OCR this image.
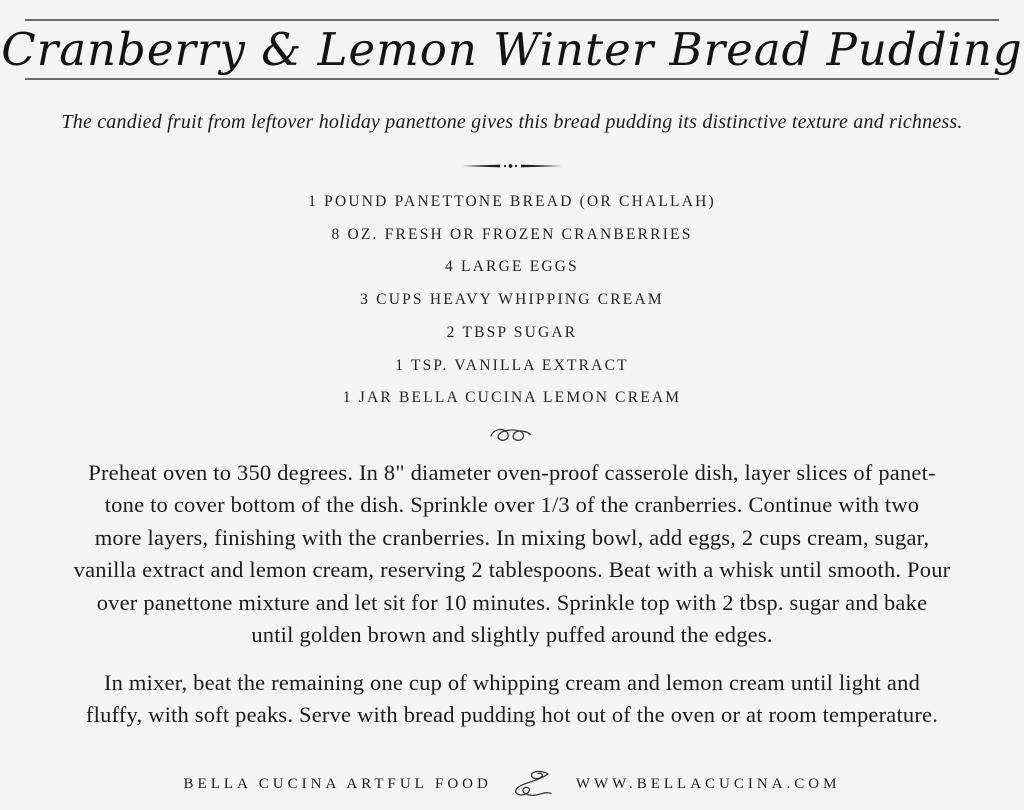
Cranberry & Lemon Winter Bread Pudding
The candied fruit from leftover holiday panettone gives this bread pudding its distinctive texture and richness.
1 POUND PANETTONE BREAD (OR CHALLAH)
8 OZ. FRESH OR FROZEN CRANBERRIES
4 LARGE EGGS
3 CUPS HEAVY WHIPPING CREAM
2 TBSP SUGAR
1 TSP. VANILLA EXTRACT
1 JAR BELLA CUCINA LEMON CREAM
Preheat oven to 350 degrees. In 8" diameter oven-proof casserole dish, layer slices of panet-
tone to cover bottom of the dish. Sprinkle over 1/3 of the cranberries. Continue with two
more layers, finishing with the cranberries. In mixing bowl, add eggs, 2 cups cream, sugar,
vanilla extract and lemon cream, reserving 2 tablespoons. Beat with a whisk until smooth. Pour
over panettone mixture and let sit for 10 minutes. Sprinkle top with 2 tbsp. sugar and bake
until golden brown and slightly puffed around the edges.
In mixer, beat the remaining one cup of whipping cream and lemon cream until light and
fluffy, with soft peaks. Serve with bread pudding hot out of the oven or at room temperature.
BELLA CUCINA ARTFUL FOOD	WWW.BELLACUCINA.COM
